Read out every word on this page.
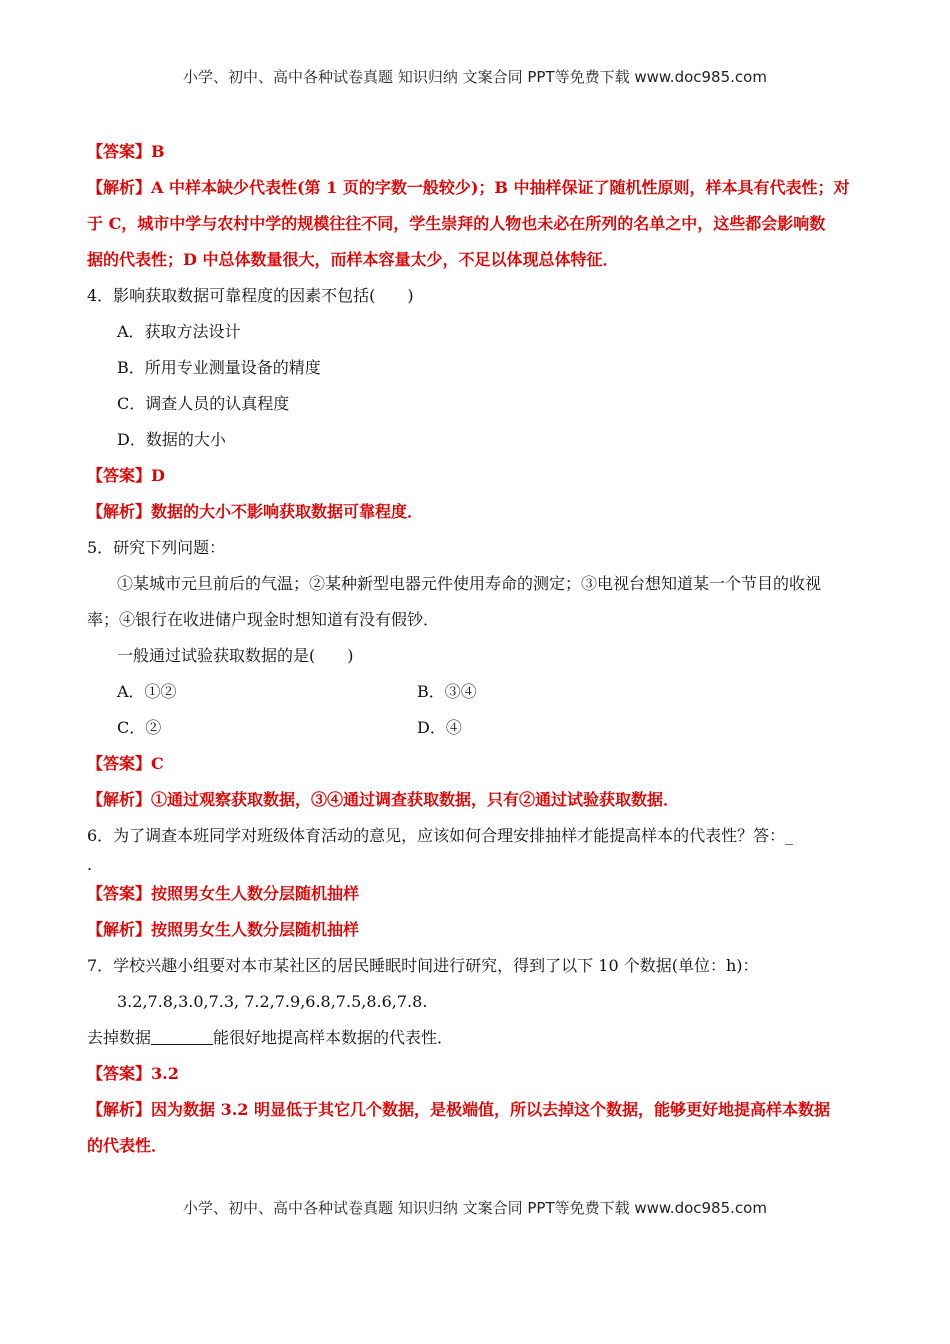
小学、初中、高中各种试卷真题 知识归纳 文案合同 PPT等免费下载 www.doc985.com
【答案】B
【解析】A 中样本缺少代表性(第 1 页的字数一般较少)；B 中抽样保证了随机性原则，样本具有代表性；对
于 C，城市中学与农村中学的规模往往不同，学生崇拜的人物也未必在所列的名单之中，这些都会影响数
据的代表性；D 中总体数量很大，而样本容量太少，不足以体现总体特征．
4．影响获取数据可靠程度的因素不包括(　　)
A．获取方法设计
B．所用专业测量设备的精度
C．调查人员的认真程度
D．数据的大小
【答案】D
【解析】数据的大小不影响获取数据可靠程度．
5．研究下列问题：
①某城市元旦前后的气温；②某种新型电器元件使用寿命的测定；③电视台想知道某一个节目的收视
率；④银行在收进储户现金时想知道有没有假钞．
一般通过试验获取数据的是(　　)
A．①②	B．③④
C．②	D．④
【答案】C
【解析】①通过观察获取数据，③④通过调查获取数据，只有②通过试验获取数据．
6．为了调查本班同学对班级体育活动的意见，应该如何合理安排抽样才能提高样本的代表性？答：_
.
【答案】按照男女生人数分层随机抽样
【解析】按照男女生人数分层随机抽样
7．学校兴趣小组要对本市某社区的居民睡眠时间进行研究，得到了以下 10 个数据(单位：h)：
3.2,7.8,3.0,7.3, 7.2,7.9,6.8,7.5,8.6,7.8.
去掉数据	能很好地提高样本数据的代表性．
【答案】3.2
【解析】因为数据 3.2 明显低于其它几个数据，是极端值，所以去掉这个数据，能够更好地提高样本数据
的代表性．
小学、初中、高中各种试卷真题 知识归纳 文案合同 PPT等免费下载 www.doc985.com
